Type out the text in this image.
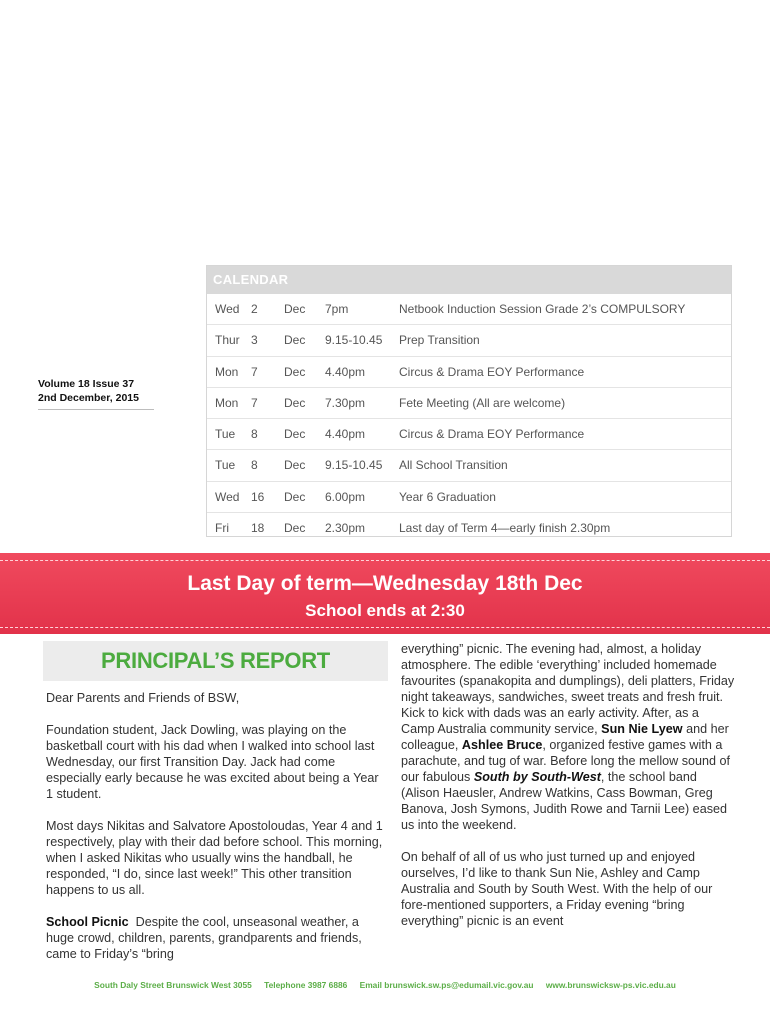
Volume 18 Issue 37
2nd December, 2015
CALENDAR
Wed 2 Dec 7pm	Netbook Induction Session Grade 2’s COMPULSORY
Thur 3 Dec 9.15-10.45 Prep Transition
Mon 7 Dec 4.40pm	Circus & Drama EOY Performance
Mon 7 Dec 7.30pm	Fete Meeting (All are welcome)
Tue 8 Dec 4.40pm	Circus & Drama EOY Performance
Tue 8 Dec 9.15-10.45 All School Transition
Wed 16 Dec 6.00pm	Year 6 Graduation
Fri 18 Dec 2.30pm	Last day of Term 4—early finish 2.30pm
Last Day of term—Wednesday 18th Dec
School ends at 2:30
PRINCIPAL’S REPORT

Dear Parents and Friends of BSW,

Foundation student, Jack Dowling, was playing on the basketball court with his dad when I walked into school last Wednesday, our first Transition Day. Jack had come especially early because he was excited about being a Year 1 student.

Most days Nikitas and Salvatore Apostoloudas, Year 4 and 1 respectively, play with their dad before school. This morning, when I asked Nikitas who usually wins the handball, he responded, “I do, since last week!” This other transition happens to us all.

School Picnic Despite the cool, unseasonal weather, a huge crowd, children, parents, grandparents and friends, came to Friday’s “bring

everything” picnic. The evening had, almost, a holiday atmosphere. The edible ‘everything’ included homemade favourites (spanakopita and dumplings), deli platters, Friday night takeaways, sandwiches, sweet treats and fresh fruit. Kick to kick with dads was an early activity. After, as a Camp Australia community service, Sun Nie Lyew and her colleague, Ashlee Bruce, organized festive games with a parachute, and tug of war. Before long the mellow sound of our fabulous South by South-West, the school band (Alison Haeusler, Andrew Watkins, Cass Bowman, Greg Banova, Josh Symons, Judith Rowe and Tarnii Lee) eased us into the weekend.

On behalf of all of us who just turned up and enjoyed ourselves, I’d like to thank Sun Nie, Ashley and Camp Australia and South by South West. With the help of our fore-mentioned supporters, a Friday evening “bring everything” picnic is an event

South Daly Street Brunswick West 3055 Telephone 3987 6886 Email brunswick.sw.ps@edumail.vic.gov.au www.brunswicksw-ps.vic.edu.au
